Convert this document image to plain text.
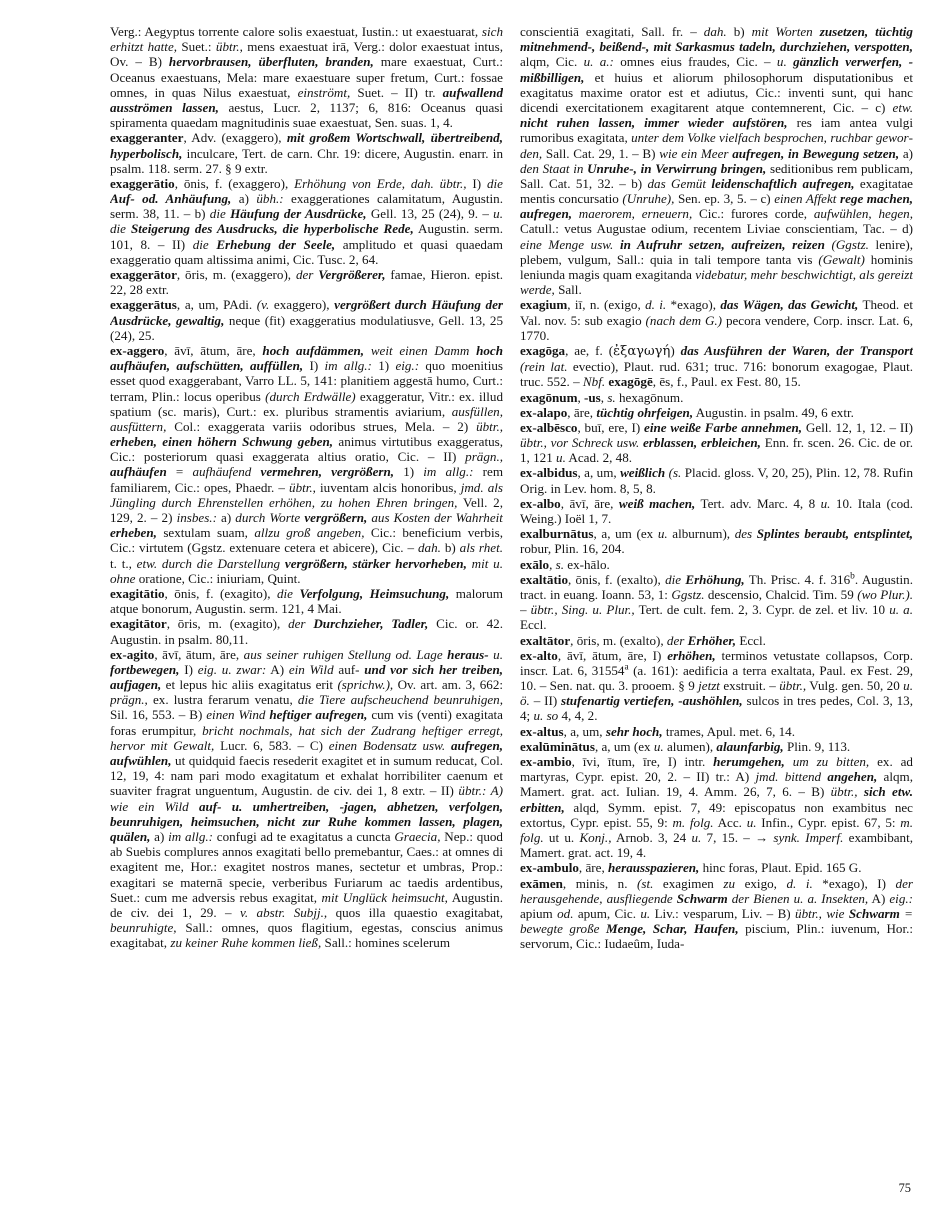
Verg.: Aegyptus torrente calore solis exaestuat, Iustin.: ut exaestuarat, sich erhitzt hatte, Suet.: übtr., mens exaestuat irā, Verg.: dolor exaestuat intus, Ov. – B) hervorbrausen, überfluten, branden, mare exaestuat, Curt.: Oceanus exaestuans, Mela: mare exaestuare super fretum, Curt.: fossae omnes, in quas Nilus exaestuat, einströmt, Suet. – II) tr. aufwallend ausströmen lassen, aestus, Lucr. 2, 1137; 6, 816: Oceanus quasi spiramenta quaedam magnitudinis suae exaestuat, Sen. suas. 1, 4.

exaggeranter, Adv. (exaggero), mit großem Wortschwall, übertreibend, hyperbolisch, inculcare, Tert. de carn. Chr. 19: dicere, Augustin. enarr. in psalm. 118. serm. 27. § 9 extr.

exaggerātio, ōnis, f. (exaggero), Erhöhung von Erde, dah. übtr., I) die Auf- od. Anhäufung, a) übh.: exaggerationes calamitatum, Augustin. serm. 38, 11. – b) die Häufung der Ausdrücke, Gell. 13, 25 (24), 9. – u. die Steigerung des Ausdrucks, die hyperbolische Rede, Augustin. serm. 101, 8. – II) die Erhebung der Seele, amplitudo et quasi quaedam exaggeratio quam altissima animi, Cic. Tusc. 2, 64.

exaggerātor, ōris, m. (exaggero), der Vergrößerer, famae, Hieron. epist. 22, 28 extr.

exaggerātus, a, um, PAdi. (v. exaggero), vergrößert durch Häufung der Ausdrücke, gewaltig, neque (fit) exaggeratius modulatiusve, Gell. 13, 25 (24), 25.

ex-aggero, āvī, ātum, āre, hoch aufdämmen, weit einen Damm hoch aufhäufen, aufschütten, auffüllen, I) im allg.: 1) eig.: quo moenitius esset quod exaggerabant, Varro LL. 5, 141: planitiem aggestā humo, Curt.: terram, Plin.: locus operibus (durch Erdwälle) exaggeratur, Vitr.: ex. illud spatium (sc. maris), Curt.: ex. pluribus stramentis aviarium, ausfüllen, ausfüttern, Col.: exaggerata variis odoribus strues, Mela. – 2) übtr., erheben, einen höhern Schwung geben, animus virtutibus exaggeratus, Cic.: posteriorum quasi exaggerata altius oratio, Cic. – II) prägn., aufhäufen = aufhäufend vermehren, vergrößern, 1) im allg.: rem familiarem, Cic.: opes, Phaedr. – übtr., iuventam alcis honoribus, jmd. als Jüngling durch Ehrenstellen erhöhen, zu hohen Ehren bringen, Vell. 2, 129, 2. – 2) insbes.: a) durch Worte vergrößern, aus Kosten der Wahrheit erheben, sextulam suam, allzu groß angeben, Cic.: beneficium verbis, Cic.: virtutem (Ggstz. extenuare cetera et abicere), Cic. – dah. b) als rhet. t. t., etw. durch die Darstellung vergrößern, stärker hervorheben, mit u. ohne oratione, Cic.: iniuriam, Quint.

exagitātio, ōnis, f. (exagito), die Verfolgung, Heimsuchung, malorum atque bonorum, Augustin. serm. 121, 4 Mai.

exagitātor, ōris, m. (exagito), der Durchzieher, Tadler, Cic. or. 42. Augustin. in psalm. 80,11.

ex-agito, āvī, ātum, āre, aus seiner ruhigen Stellung od. Lage heraus- u. fortbewegen, I) eig. u. zwar: A) ein Wild auf- und vor sich her treiben, aufjagen, et lepus hic aliis exagitatus erit (sprichw.), Ov. art. am. 3, 662: prägn., ex. lustra ferarum venatu, die Tiere aufscheuchend beunruhigen, Sil. 16, 553. – B) einen Wind heftiger aufregen, cum vis (venti) exagitata foras erumpitur, bricht nochmals, hat sich der Zudrang heftiger erregt, hervor mit Gewalt, Lucr. 6, 583. – C) einen Bodensatz usw. aufregen, aufwühlen, ut quidquid faecis resederit exagitet et in sumum reducat, Col. 12, 19, 4: nam pari modo exagitatum et exhalat horribiliter caenum et suaviter fragrat unguentum, Augustin. de civ. dei 1, 8 extr. – II) übtr.: A) wie ein Wild auf- u. umhertreiben, -jagen, abhetzen, verfolgen, beunruhigen, heimsuchen, nicht zur Ruhe kommen lassen, plagen, quälen, a) im allg.: confugi ad te exagitatus a cuncta Graecia, Nep.: quod ab Suebis complures annos exagitati bello premebantur, Caes.: at omnes di exagitent me, Hor.: exagitet nostros manes, sectetur et umbras, Prop.: exagitari se maternā specie, verberibus Furiarum ac taedis ardentibus, Suet.: cum me adversis rebus exagitat, mit Unglück heimsucht, Augustin. de civ. dei 1, 29. – v. abstr. Subjj., quos illa quaestio exagitabat, beunruhigte, Sall.: omnes, quos flagitium, egestas, conscius animus exagitabat, zu keiner Ruhe kommen ließ, Sall.: homines scelerum

conscientiā exagitati, Sall. fr. – dah. b) mit Worten zusetzen, tüchtig mitnehmend-, beißend-, mit Sarkasmus tadeln, durchziehen, verspotten, alqm, Cic. u. a.: omnes eius fraudes, Cic. – u. gänzlich verwerfen, -mißbilligen, et huius et aliorum philosophorum disputationibus et exagitatus maxime orator est et adiutus, Cic.: inventi sunt, qui hanc dicendi exercitationem exagitarent atque contemnerent, Cic. – c) etw. nicht ruhen lassen, immer wieder aufstören, res iam antea vulgi rumoribus exagitata, unter dem Volke vielfach besprochen, ruchbar geworden, Sall. Cat. 29, 1. – B) wie ein Meer aufregen, in Bewegung setzen, a) den Staat in Unruhe-, in Verwirrung bringen, seditionibus rem publicam, Sall. Cat. 51, 32. – b) das Gemüt leidenschaftlich aufregen, exagitatae mentis concursatio (Unruhe), Sen. ep. 3, 5. – c) einen Affekt rege machen, aufregen, maerorem, erneuern, Cic.: furores corde, aufwühlen, hegen, Catull.: vetus Augustae odium, recentem Liviae conscientiam, Tac. – d) eine Menge usw. in Aufruhr setzen, aufreizen, reizen (Ggstz. lenire), plebem, vulgum, Sall.: quia in tali tempore tanta vis (Gewalt) hominis leniunda magis quam exagitanda videbatur, mehr beschwichtigt, als gereizt werde, Sall.

exagium, iī, n. (exigo, d. i. *exago), das Wägen, das Gewicht, Theod. et Val. nov. 5: sub exagio (nach dem G.) pecora vendere, Corp. inscr. Lat. 6, 1770.

exagōga, ae, f. (ἐξαγωγή) das Ausführen der Waren, der Transport (rein lat. evectio), Plaut. rud. 631; truc. 716: bonorum exagogae, Plaut. truc. 552. – Nbf. exagōgē, ēs, f., Paul. ex Fest. 80, 15.

exagōnum, -us, s. hexagōnum.

ex-alapo, āre, tüchtig ohrfeigen, Augustin. in psalm. 49, 6 extr.

ex-albēsco, buī, ere, I) eine weiße Farbe annehmen, Gell. 12, 1, 12. – II) übtr., vor Schreck usw. erblassen, erbleichen, Enn. fr. scen. 26. Cic. de or. 1, 121 u. Acad. 2, 48.

ex-albidus, a, um, weißlich (s. Placid. gloss. V, 20, 25), Plin. 12, 78. Rufin Orig. in Lev. hom. 8, 5, 8.

ex-albo, āvī, āre, weiß machen, Tert. adv. Marc. 4, 8 u. 10. Itala (cod. Weing.) Ioël 1, 7.

exalburnātus, a, um (ex u. alburnum), des Splintes beraubt, entsplintet, robur, Plin. 16, 204.

exālo, s. ex-hālo.

exaltātio, ōnis, f. (exalto), die Erhöhung, Th. Prisc. 4. f. 316$^b$. Augustin. tract. in euang. Ioann. 53, 1: Ggstz. descensio, Chalcid. Tim. 59 (wo Plur.). – übtr., Sing. u. Plur., Tert. de cult. fem. 2, 3. Cypr. de zel. et liv. 10 u. a. Eccl.

exaltātor, ōris, m. (exalto), der Erhöher, Eccl.

ex-alto, āvī, ātum, āre, I) erhöhen, terminos vetustate collapsos, Corp. inscr. Lat. 6, 31554$^a$ (a. 161): aedificia a terra exaltata, Paul. ex Fest. 29, 10. – Sen. nat. qu. 3. prooem. § 9 jetzt exstruit. – übtr., Vulg. gen. 50, 20 u. ö. – II) stufenartig vertiefen, -aushöhlen, sulcos in tres pedes, Col. 3, 13, 4; u. so 4, 4, 2.

ex-altus, a, um, sehr hoch, trames, Apul. met. 6, 14.

exalūminātus, a, um (ex u. alumen), alaunfarbig, Plin. 9, 113.

ex-ambio, īvi, ītum, īre, I) intr. herumgehen, um zu bitten, ex. ad martyras, Cypr. epist. 20, 2. – II) tr.: A) jmd. bittend angehen, alqm, Mamert. grat. act. Iulian. 19, 4. Amm. 26, 7, 6. – B) übtr., sich etw. erbitten, alqd, Symm. epist. 7, 49: episcopatus non exambitus nec extortus, Cypr. epist. 55, 9: m. folg. Acc. u. Infin., Cypr. epist. 67, 5: m. folg. ut u. Konj., Arnob. 3, 24 u. 7, 15. – → synk. Imperf. exambibant, Mamert. grat. act. 19, 4.

ex-ambulo, āre, herausspazieren, hinc foras, Plaut. Epid. 165 G.

exāmen, minis, n. (st. exagimen zu exigo, d. i. *exago), I) der herausgehende, ausfliegende Schwarm der Bienen u. a. Insekten, A) eig.: apium od. apum, Cic. u. Liv.: vesparum, Liv. – B) übtr., wie Schwarm = bewegte große Menge, Schar, Haufen, piscium, Plin.: iuvenum, Hor.: servorum, Cic.: Iudaeûm, Iuda-

75
